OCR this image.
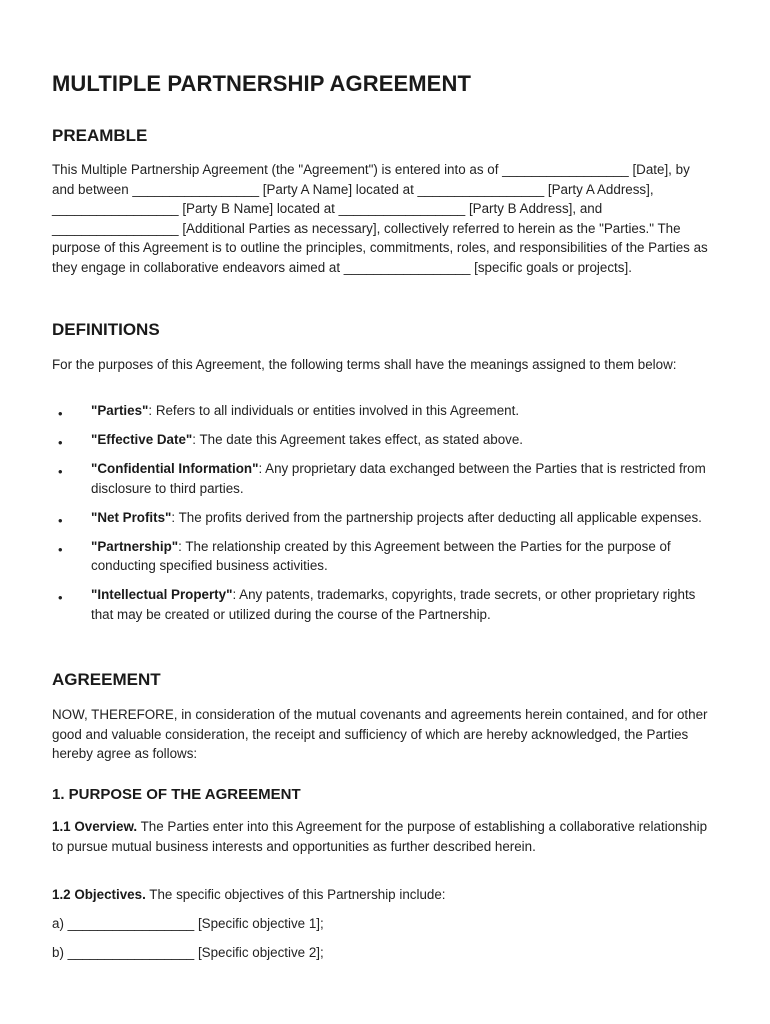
MULTIPLE PARTNERSHIP AGREEMENT
PREAMBLE

This Multiple Partnership Agreement (the "Agreement") is entered into as of _________________ [Date], by and between _________________ [Party A Name] located at _________________ [Party A Address], _________________ [Party B Name] located at _________________ [Party B Address], and _________________ [Additional Parties as necessary], collectively referred to herein as the "Parties." The purpose of this Agreement is to outline the principles, commitments, roles, and responsibilities of the Parties as they engage in collaborative endeavors aimed at _________________ [specific goals or projects].

DEFINITIONS

For the purposes of this Agreement, the following terms shall have the meanings assigned to them below:

• "Parties": Refers to all individuals or entities involved in this Agreement.
• "Effective Date": The date this Agreement takes effect, as stated above.
• "Confidential Information": Any proprietary data exchanged between the Parties that is restricted from disclosure to third parties.
• "Net Profits": The profits derived from the partnership projects after deducting all applicable expenses.
• "Partnership": The relationship created by this Agreement between the Parties for the purpose of conducting specified business activities.
• "Intellectual Property": Any patents, trademarks, copyrights, trade secrets, or other proprietary rights that may be created or utilized during the course of the Partnership.
AGREEMENT

NOW, THEREFORE, in consideration of the mutual covenants and agreements herein contained, and for other good and valuable consideration, the receipt and sufficiency of which are hereby acknowledged, the Parties hereby agree as follows:

1. PURPOSE OF THE AGREEMENT

1.1 Overview. The Parties enter into this Agreement for the purpose of establishing a collaborative relationship to pursue mutual business interests and opportunities as further described herein.

1.2 Objectives. The specific objectives of this Partnership include:

a) _________________ [Specific objective 1];

b) _________________ [Specific objective 2];
